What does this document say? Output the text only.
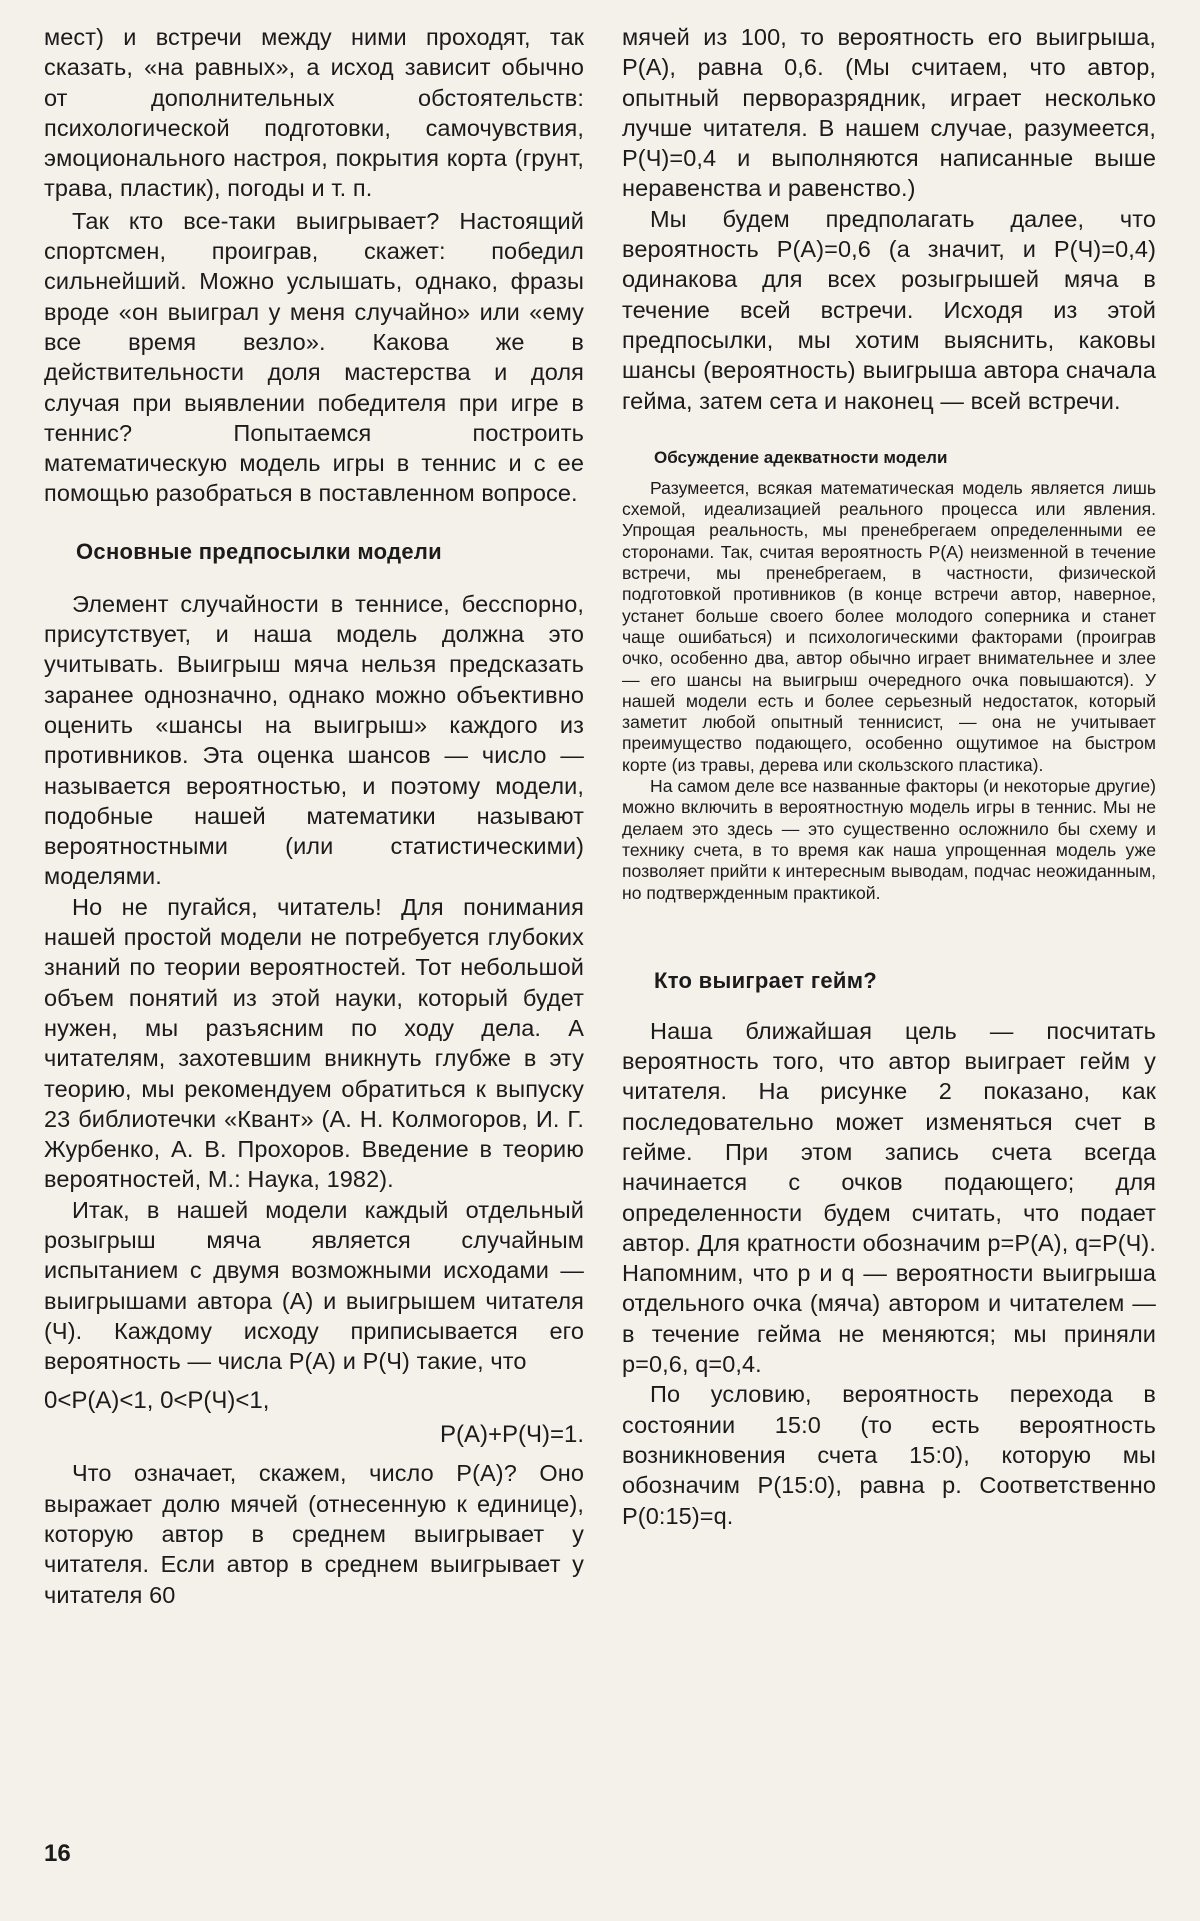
мест) и встречи между ними проходят, так сказать, «на равных», а исход зависит обычно от дополнительных обстоятельств: психологической подготовки, самочувствия, эмоционального настроя, покрытия корта (грунт, трава, пластик), погоды и т. п.

Так кто все-таки выигрывает? Настоящий спортсмен, проиграв, скажет: победил сильнейший. Можно услышать, однако, фразы вроде «он выиграл у меня случайно» или «ему все время везло». Какова же в действительности доля мастерства и доля случая при выявлении победителя при игре в теннис? Попытаемся построить математическую модель игры в теннис и с ее помощью разобраться в поставленном вопросе.

Основные предпосылки модели

Элемент случайности в теннисе, бесспорно, присутствует, и наша модель должна это учитывать. Выигрыш мяча нельзя предсказать заранее однозначно, однако можно объективно оценить «шансы на выигрыш» каждого из противников. Эта оценка шансов — число — называется вероятностью, и поэтому модели, подобные нашей математики называют вероятностными (или статистическими) моделями.

Но не пугайся, читатель! Для понимания нашей простой модели не потребуется глубоких знаний по теории вероятностей. Тот небольшой объем понятий из этой науки, который будет нужен, мы разъясним по ходу дела. А читателям, захотевшим вникнуть глубже в эту теорию, мы рекомендуем обратиться к выпуску 23 библиотечки «Квант» (А. Н. Колмогоров, И. Г. Журбенко, А. В. Прохоров. Введение в теорию вероятностей, М.: Наука, 1982).

Итак, в нашей модели каждый отдельный розыгрыш мяча является случайным испытанием с двумя возможными исходами — выигрышами автора (А) и выигрышем читателя (Ч). Каждому исходу приписывается его вероятность — числа P(А) и P(Ч) такие, что

0<P(А)<1, 0<P(Ч)<1,
P(А)+P(Ч)=1.

Что означает, скажем, число P(А)? Оно выражает долю мячей (отнесенную к единице), которую автор в среднем выигрывает у читателя. Если автор в среднем выигрывает у читателя 60

мячей из 100, то вероятность его выигрыша, P(А), равна 0,6. (Мы считаем, что автор, опытный перворазрядник, играет несколько лучше читателя. В нашем случае, разумеется, P(Ч)=0,4 и выполняются написанные выше неравенства и равенство.)

Мы будем предполагать далее, что вероятность P(А)=0,6 (а значит, и P(Ч)=0,4) одинакова для всех розыгрышей мяча в течение всей встречи. Исходя из этой предпосылки, мы хотим выяснить, каковы шансы (вероятность) выигрыша автора сначала гейма, затем сета и наконец — всей встречи.

Обсуждение адекватности модели

Разумеется, всякая математическая модель является лишь схемой, идеализацией реального процесса или явления. Упрощая реальность, мы пренебрегаем определенными ее сторонами. Так, считая вероятность P(А) неизменной в течение встречи, мы пренебрегаем, в частности, физической подготовкой противников (в конце встречи автор, наверное, устанет больше своего более молодого соперника и станет чаще ошибаться) и психологическими факторами (проиграв очко, особенно два, автор обычно играет внимательнее и злее — его шансы на выигрыш очередного очка повышаются). У нашей модели есть и более серьезный недостаток, который заметит любой опытный теннисист, — она не учитывает преимущество подающего, особенно ощутимое на быстром корте (из травы, дерева или скользского пластика).

На самом деле все названные факторы (и некоторые другие) можно включить в вероятностную модель игры в теннис. Мы не делаем это здесь — это существенно осложнило бы схему и технику счета, в то время как наша упрощенная модель уже позволяет прийти к интересным выводам, подчас неожиданным, но подтвержденным практикой.

Кто выиграет гейм?

Наша ближайшая цель — посчитать вероятность того, что автор выиграет гейм у читателя. На рисунке 2 показано, как последовательно может изменяться счет в гейме. При этом запись счета всегда начинается с очков подающего; для определенности будем считать, что подает автор. Для кратности обозначим p=P(А), q=P(Ч). Напомним, что p и q — вероятности выигрыша отдельного очка (мяча) автором и читателем — в течение гейма не меняются; мы приняли p=0,6, q=0,4.

По условию, вероятность перехода в состоянии 15:0 (то есть вероятность возникновения счета 15:0), которую мы обозначим P(15:0), равна p. Соответственно P(0:15)=q.

16
